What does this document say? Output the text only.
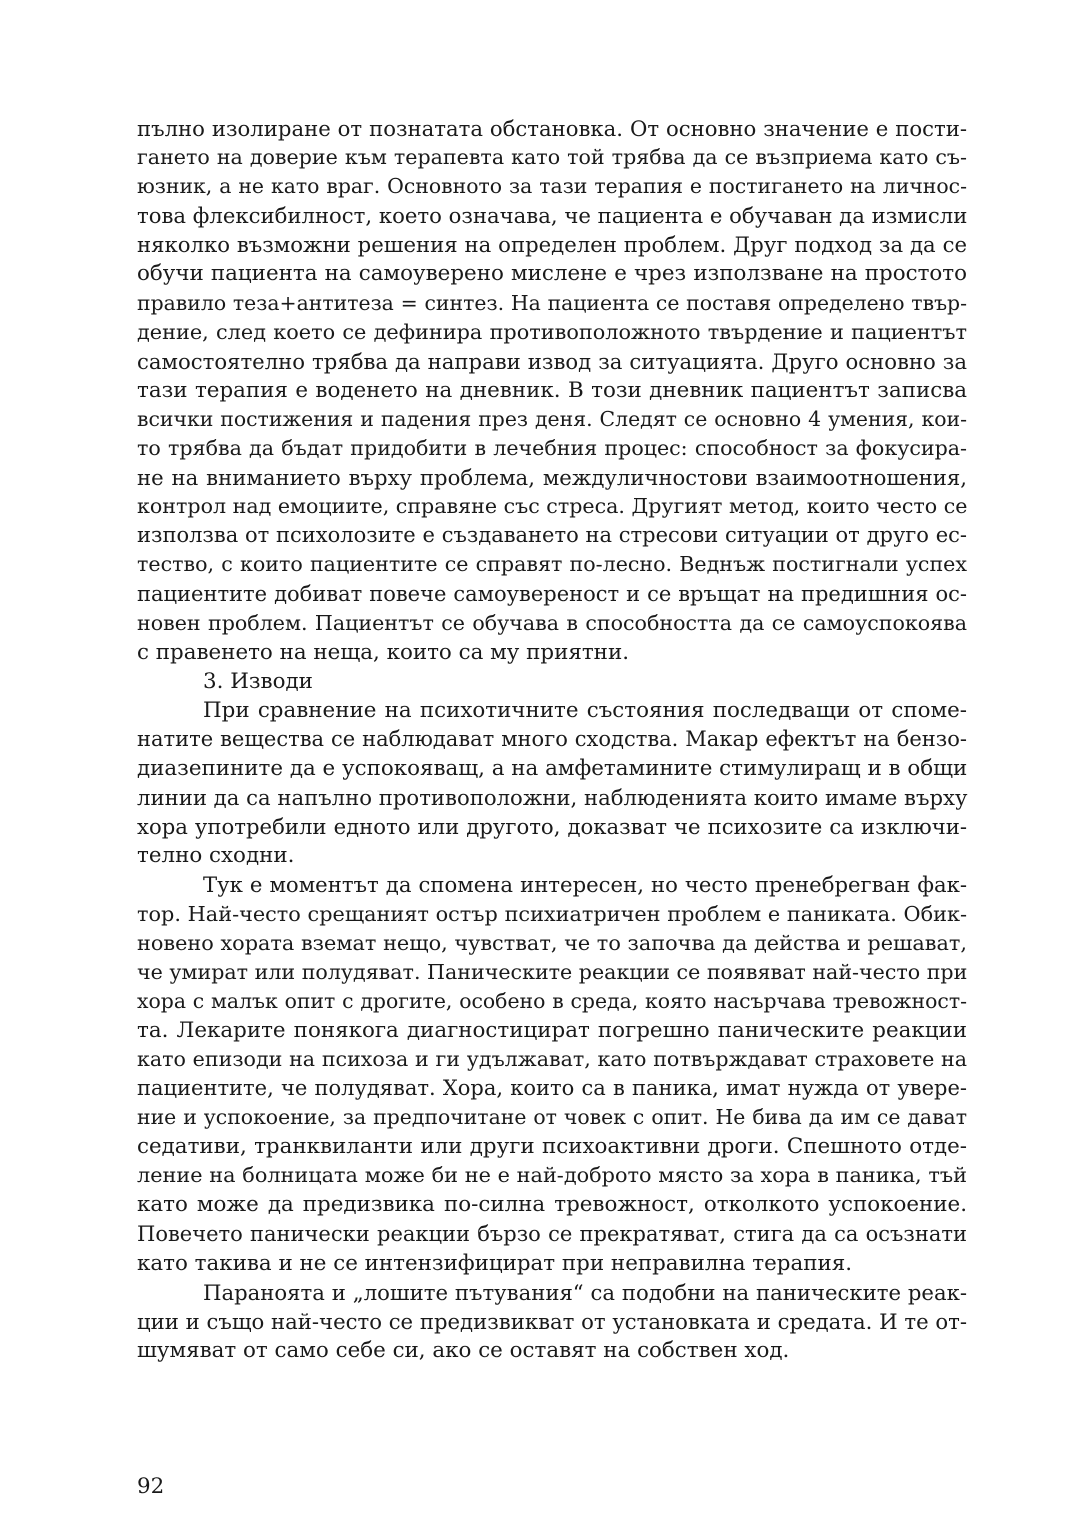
пълно изолиране от познатата обстановка. От основно значение е пости-
гането на доверие към терапевта като той трябва да се възприема като съ-
юзник, а не като враг. Основното за тази терапия е постигането на личнос-
това флексибилност, което означава, че пациента е обучаван да измисли
няколко възможни решения на определен проблем. Друг подход за да се
обучи пациента на самоуверено мислене е чрез използване на простото
правило теза+антитеза = синтез. На пациента се поставя определено твър-
дение, след което се дефинира противоположното твърдение и пациентът
самостоятелно трябва да направи извод за ситуацията. Друго основно за
тази терапия е воденето на дневник. В този дневник пациентът записва
всички постижения и падения през деня. Следят се основно 4 умения, кои-
то трябва да бъдат придобити в лечебния процес: способност за фокусира-
не на вниманието върху проблема, междуличностови взаимоотношения,
контрол над емоциите, справяне със стреса. Другият метод, които често се
използва от психолозите е създаването на стресови ситуации от друго ес-
тество, с които пациентите се справят по-лесно. Веднъж постигнали успех
пациентите добиват повече самоувереност и се връщат на предишния ос-
новен проблем. Пациентът се обучава в способността да се самоуспокоява
с правенето на неща, които са му приятни.
3. Изводи
При сравнение на психотичните състояния последващи от споме-
натите вещества се наблюдават много сходства. Макар ефектът на бензо-
диазепините да е успокояващ, а на амфетамините стимулиращ и в общи
линии да са напълно противоположни, наблюденията които имаме върху
хора употребили едното или другото, доказват че психозите са изключи-
телно сходни.
Тук е моментът да спомена интересен, но често пренебрегван фак-
тор. Най-често срещаният остър психиатричен проблем е паниката. Обик-
новено хората вземат нещо, чувстват, че то започва да действа и решават,
че умират или полудяват. Паническите реакции се появяват най-често при
хора с малък опит с дрогите, особено в среда, която насърчава тревожност-
та. Лекарите понякога диагностицират погрешно паническите реакции
като епизоди на психоза и ги удължават, като потвърждават страховете на
пациентите, че полудяват. Хора, които са в паника, имат нужда от увере-
ние и успокоение, за предпочитане от човек с опит. Не бива да им се дават
седативи, транквиланти или други психоактивни дроги. Спешното отде-
ление на болницата може би не е най-доброто място за хора в паника, тъй
като може да предизвика по-силна тревожност, отколкото успокоение.
Повечето панически реакции бързо се прекратяват, стига да са осъзнати
като такива и не се интензифицират при неправилна терапия.
Параноята и „лошите пътувания“ са подобни на паническите реак-
ции и също най-често се предизвикват от установката и средата. И те от-
шумяват от само себе си, ако се оставят на собствен ход.
92
